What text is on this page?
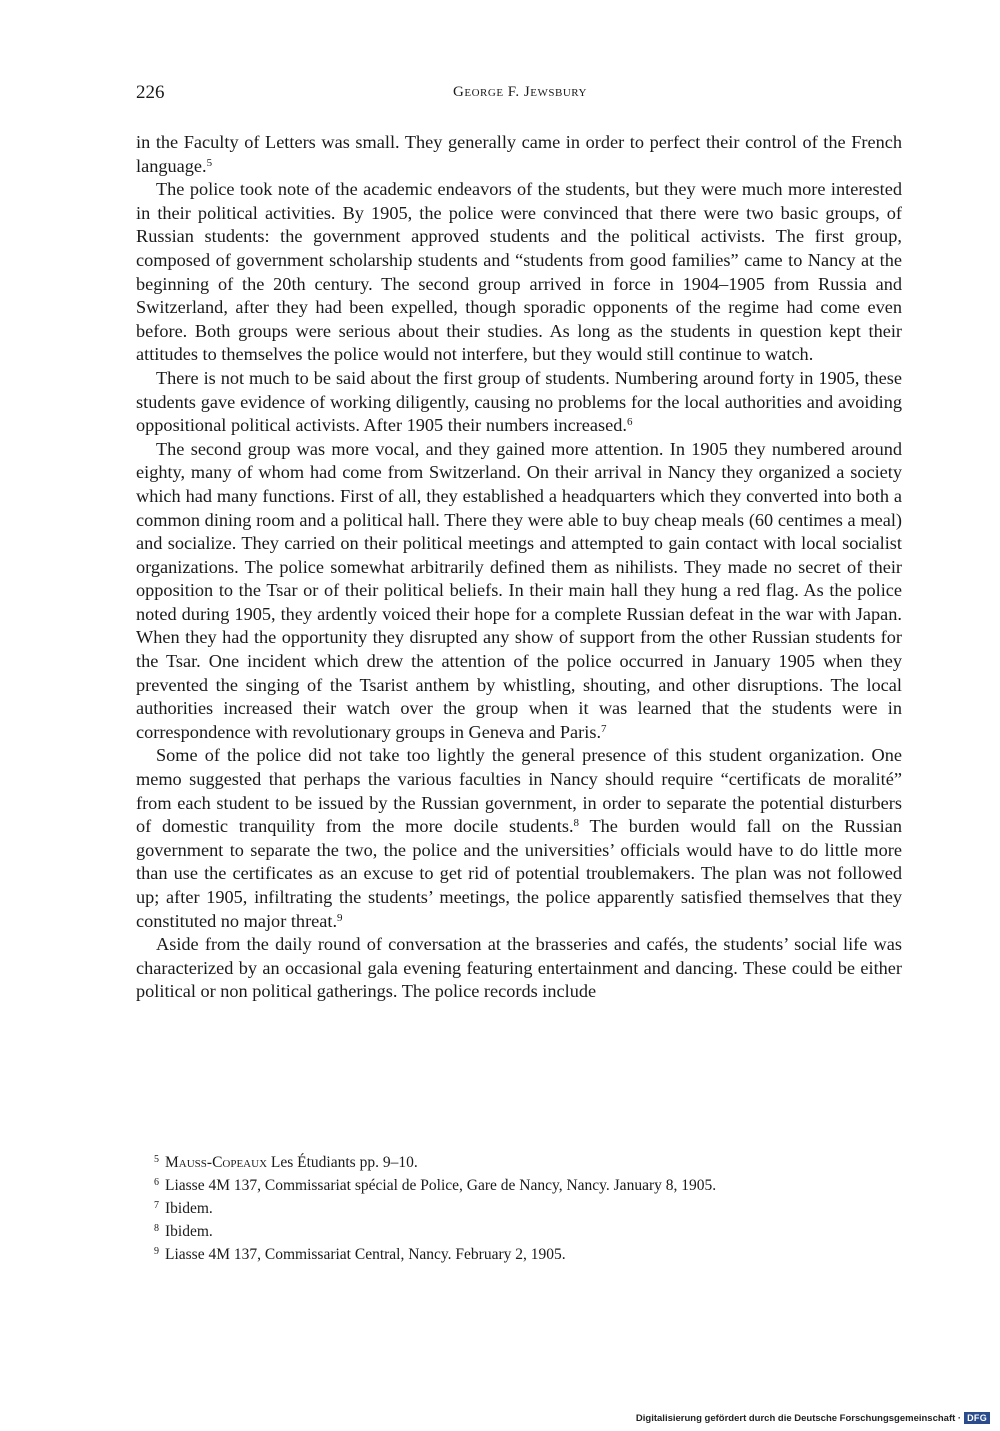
226	George F. Jewsbury

in the Faculty of Letters was small. They generally came in order to perfect their control of the French language.$^5$

The police took note of the academic endeavors of the students, but they were much more interested in their political activities. By 1905, the police were convinced that there were two basic groups, of Russian students: the government approved students and the political activists. The first group, composed of government scholarship students and “students from good families” came to Nancy at the beginning of the 20th century. The second group arrived in force in 1904–1905 from Russia and Switzerland, after they had been expelled, though sporadic opponents of the regime had come even before. Both groups were serious about their studies. As long as the students in question kept their attitudes to themselves the police would not interfere, but they would still continue to watch.

There is not much to be said about the first group of students. Numbering around forty in 1905, these students gave evidence of working diligently, causing no problems for the local authorities and avoiding oppositional political activists. After 1905 their numbers increased.$^6$

The second group was more vocal, and they gained more attention. In 1905 they numbered around eighty, many of whom had come from Switzerland. On their arrival in Nancy they organized a society which had many functions. First of all, they established a headquarters which they converted into both a common dining room and a political hall. There they were able to buy cheap meals (60 centimes a meal) and socialize. They carried on their political meetings and attempted to gain contact with local socialist organizations. The police somewhat arbitrarily defined them as nihilists. They made no secret of their opposition to the Tsar or of their political beliefs. In their main hall they hung a red flag. As the police noted during 1905, they ardently voiced their hope for a complete Russian defeat in the war with Japan. When they had the opportunity they disrupted any show of support from the other Russian students for the Tsar. One incident which drew the attention of the police occurred in January 1905 when they prevented the singing of the Tsarist anthem by whistling, shouting, and other disruptions. The local authorities increased their watch over the group when it was learned that the students were in correspondence with revolutionary groups in Geneva and Paris.$^7$

Some of the police did not take too lightly the general presence of this student organization. One memo suggested that perhaps the various faculties in Nancy should require “certificats de moralité” from each student to be issued by the Russian government, in order to separate the potential disturbers of domestic tranquility from the more docile students.$^8$ The burden would fall on the Russian government to separate the two, the police and the universities’ officials would have to do little more than use the certificates as an excuse to get rid of potential troublemakers. The plan was not followed up; after 1905, infiltrating the students’ meetings, the police apparently satisfied themselves that they constituted no major threat.$^9$

Aside from the daily round of conversation at the brasseries and cafés, the students’ social life was characterized by an occasional gala evening featuring entertainment and dancing. These could be either political or non political gatherings. The police records include

$^5$ Mauss-Copeaux Les Étudiants pp. 9–10.

$^6$ Liasse 4M 137, Commissariat spécial de Police, Gare de Nancy, Nancy. January 8, 1905.

$^7$ Ibidem.

$^8$ Ibidem.

$^9$ Liasse 4M 137, Commissariat Central, Nancy. February 2, 1905.

Digitalisierung gefördert durch die Deutsche Forschungsgemeinschaft · DFG
